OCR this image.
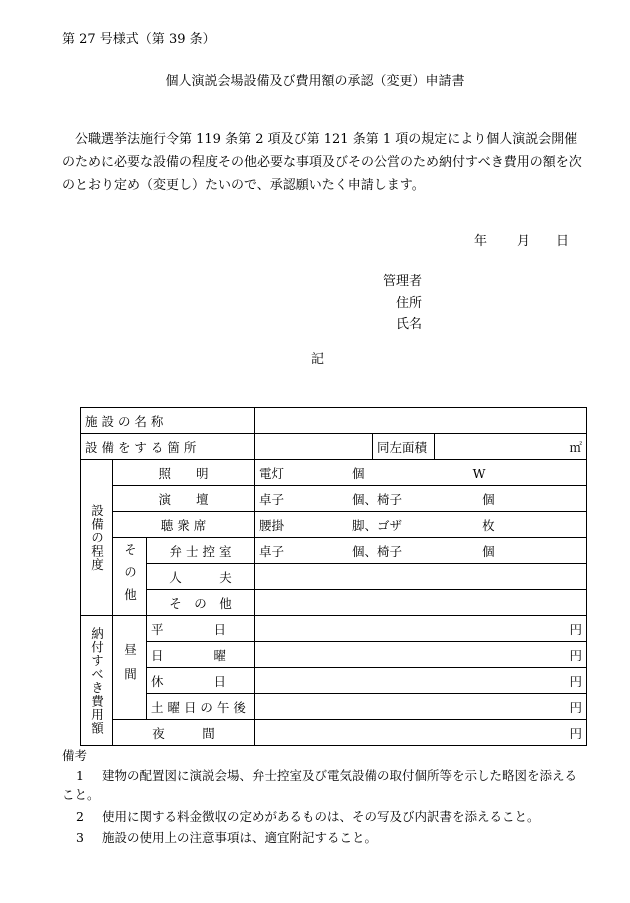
第 27 号様式（第 39 条）
個人演説会場設備及び費用額の承認（変更）申請書
　公職選挙法施行令第 119 条第 2 項及び第 121 条第 1 項の規定により個人演説会開催のために必要な設備の程度その他必要な事項及びその公営のため納付すべき費用の額を次のとおり定め（変更し）たいので、承認願いたく申請します。
年 月 日
管理者
住所
氏名
記
施 設 の 名 称					
設 備 を す る 箇 所				同左面積	㎡
設備の程度	照　　明		電灯 個 W		
	演　　壇		卓子 個、椅子 個		
	聴 衆 席		腰掛 脚、ゴザ 枚		
	その他	弁 士 控 室	卓子 個、椅子 個		
		人　　　夫			
		そ　の　他			
納付すべき費用額	昼間	平　　　　日	円		
		日　　　　曜	円		
		休　　　　日	円		
		土 曜 日 の 午 後	円		
	夜　　　間		円		
備考
1 建物の配置図に演説会場、弁士控室及び電気設備の取付個所等を示した略図を添えること。
2 使用に関する料金徴収の定めがあるものは、その写及び内訳書を添えること。
3 施設の使用上の注意事項は、適宜附記すること。
